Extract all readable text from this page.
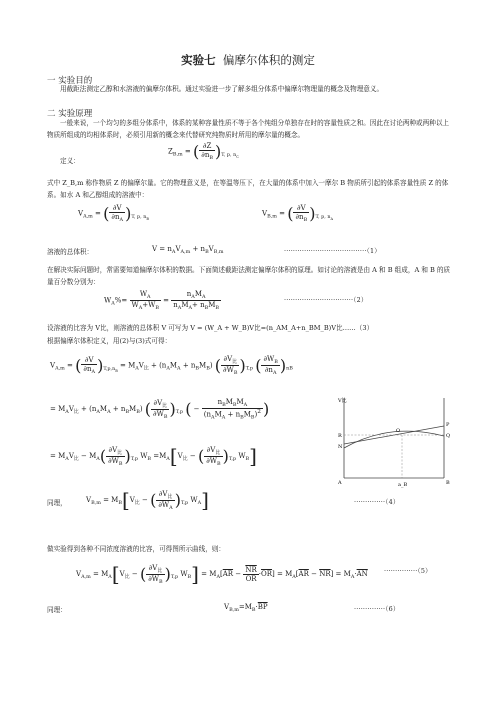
实验七 偏摩尔体积的测定
一 实验目的
用截距法测定乙醇和水溶液的偏摩尔体积。通过实验进一步了解多组分体系中偏摩尔物理量的概念及物理意义。
二 实验原理
一般来说，一个均匀的多组分体系中，体系的某种容量性质不等于各个纯组分单独存在时的容量性质之和。因此在讨论两种或两种以上物质所组成的均相体系时，必须引用新的概念来代替研究纯物质时所用的摩尔量的概念。
定义：
$Z_{B,m}$ = ( $\frac{\partial Z}{\partial n_B} )_{T, p, n_C}$
式中 Z_B,m 称作物质 Z 的偏摩尔量。它的物理意义是，在等温等压下，在大量的体系中加入一摩尔 B 物质所引起的体系容量性质 Z 的体系。如水 A 和乙醇组成的溶液中：
$V_{A,m}$ = ( $\frac{\partial V}{\partial n_A} )_{T, p, n_B}$
$V_{B,m}$ = ( $\frac{\partial V}{\partial n_B} )_{T, p, n_A}$
溶液的总体积：	$V = n_AV_{A,m} + n_BV_{B,m}$	·····································（1）
在解决实际问题时，常需要知道偏摩尔体积的数据。下面简述截距法测定偏摩尔体积的原理。如讨论的溶液是由 A 和 B 组成，A 和 B 的质量百分数分别为：
$W_A\%= \frac{W_A}{W_A+W_B} = \frac{n_AM_A}{n_AM_A+ n_BM_B}$	·······························（2）
设溶液的比容为 V比，则溶液的总体积 V 可写为 V = (W_A + W_B)V比=(n_AM_A+n_BM_B)V比……（3）
根据偏摩尔体积定义，用(2)与(3)式可得：
$V_{A,m}$ = ( $\frac{\partial V}{\partial n_A} )_{T,p,n_B} = M_AV_比 + (n_AM_A + n_BM_B)$ ( $\frac{\partial V_比}{\partial W_B} )_{T,p}$ ( $\frac{\partial W_B}{\partial n_A} )_{nB}$
= $M_AV_比 + (n_AM_A + n_BM_B)$ ( $\frac{\partial V_比}{\partial W_B} )_{T,p}$ ( − $\frac{n_BM_BM_A}{(n_AM_A + n_BM_B)^2}$ )
= $M_AV_比 - M_A( \frac{\partial V_比}{\partial W_B} )_{T,p}$ $W_B =M_A[V_比$ − ( $\frac{\partial V_比}{\partial W_B} )_{T,p}$ $W_B$]
同理，	$V_{B,m} = M_B[V_比$ − ( $\frac{\partial V_比}{\partial W_A} )_{T,p}$ $W_A$]	··············（4）
做实验得到各种不同浓度溶液的比容，可得图所示曲线，则：
$V_{A,m} = M_A[V_比$ − ( $\frac{\partial V_比}{\partial W_B} )_{T,p}$ $W_B] = M_A[\overline{AR} - \frac{\overline{NR}}{OR} \cdot\overline{OR}] = M_A[\overline{AR} - \overline{NR}] = M_A\cdot\overline{AN}$	···············（5）
同理：	$V_{B,m}=M_B\cdot\overline{BP}$	··············（6）
V比
R
O
P
Q
N
A	B
a_B
